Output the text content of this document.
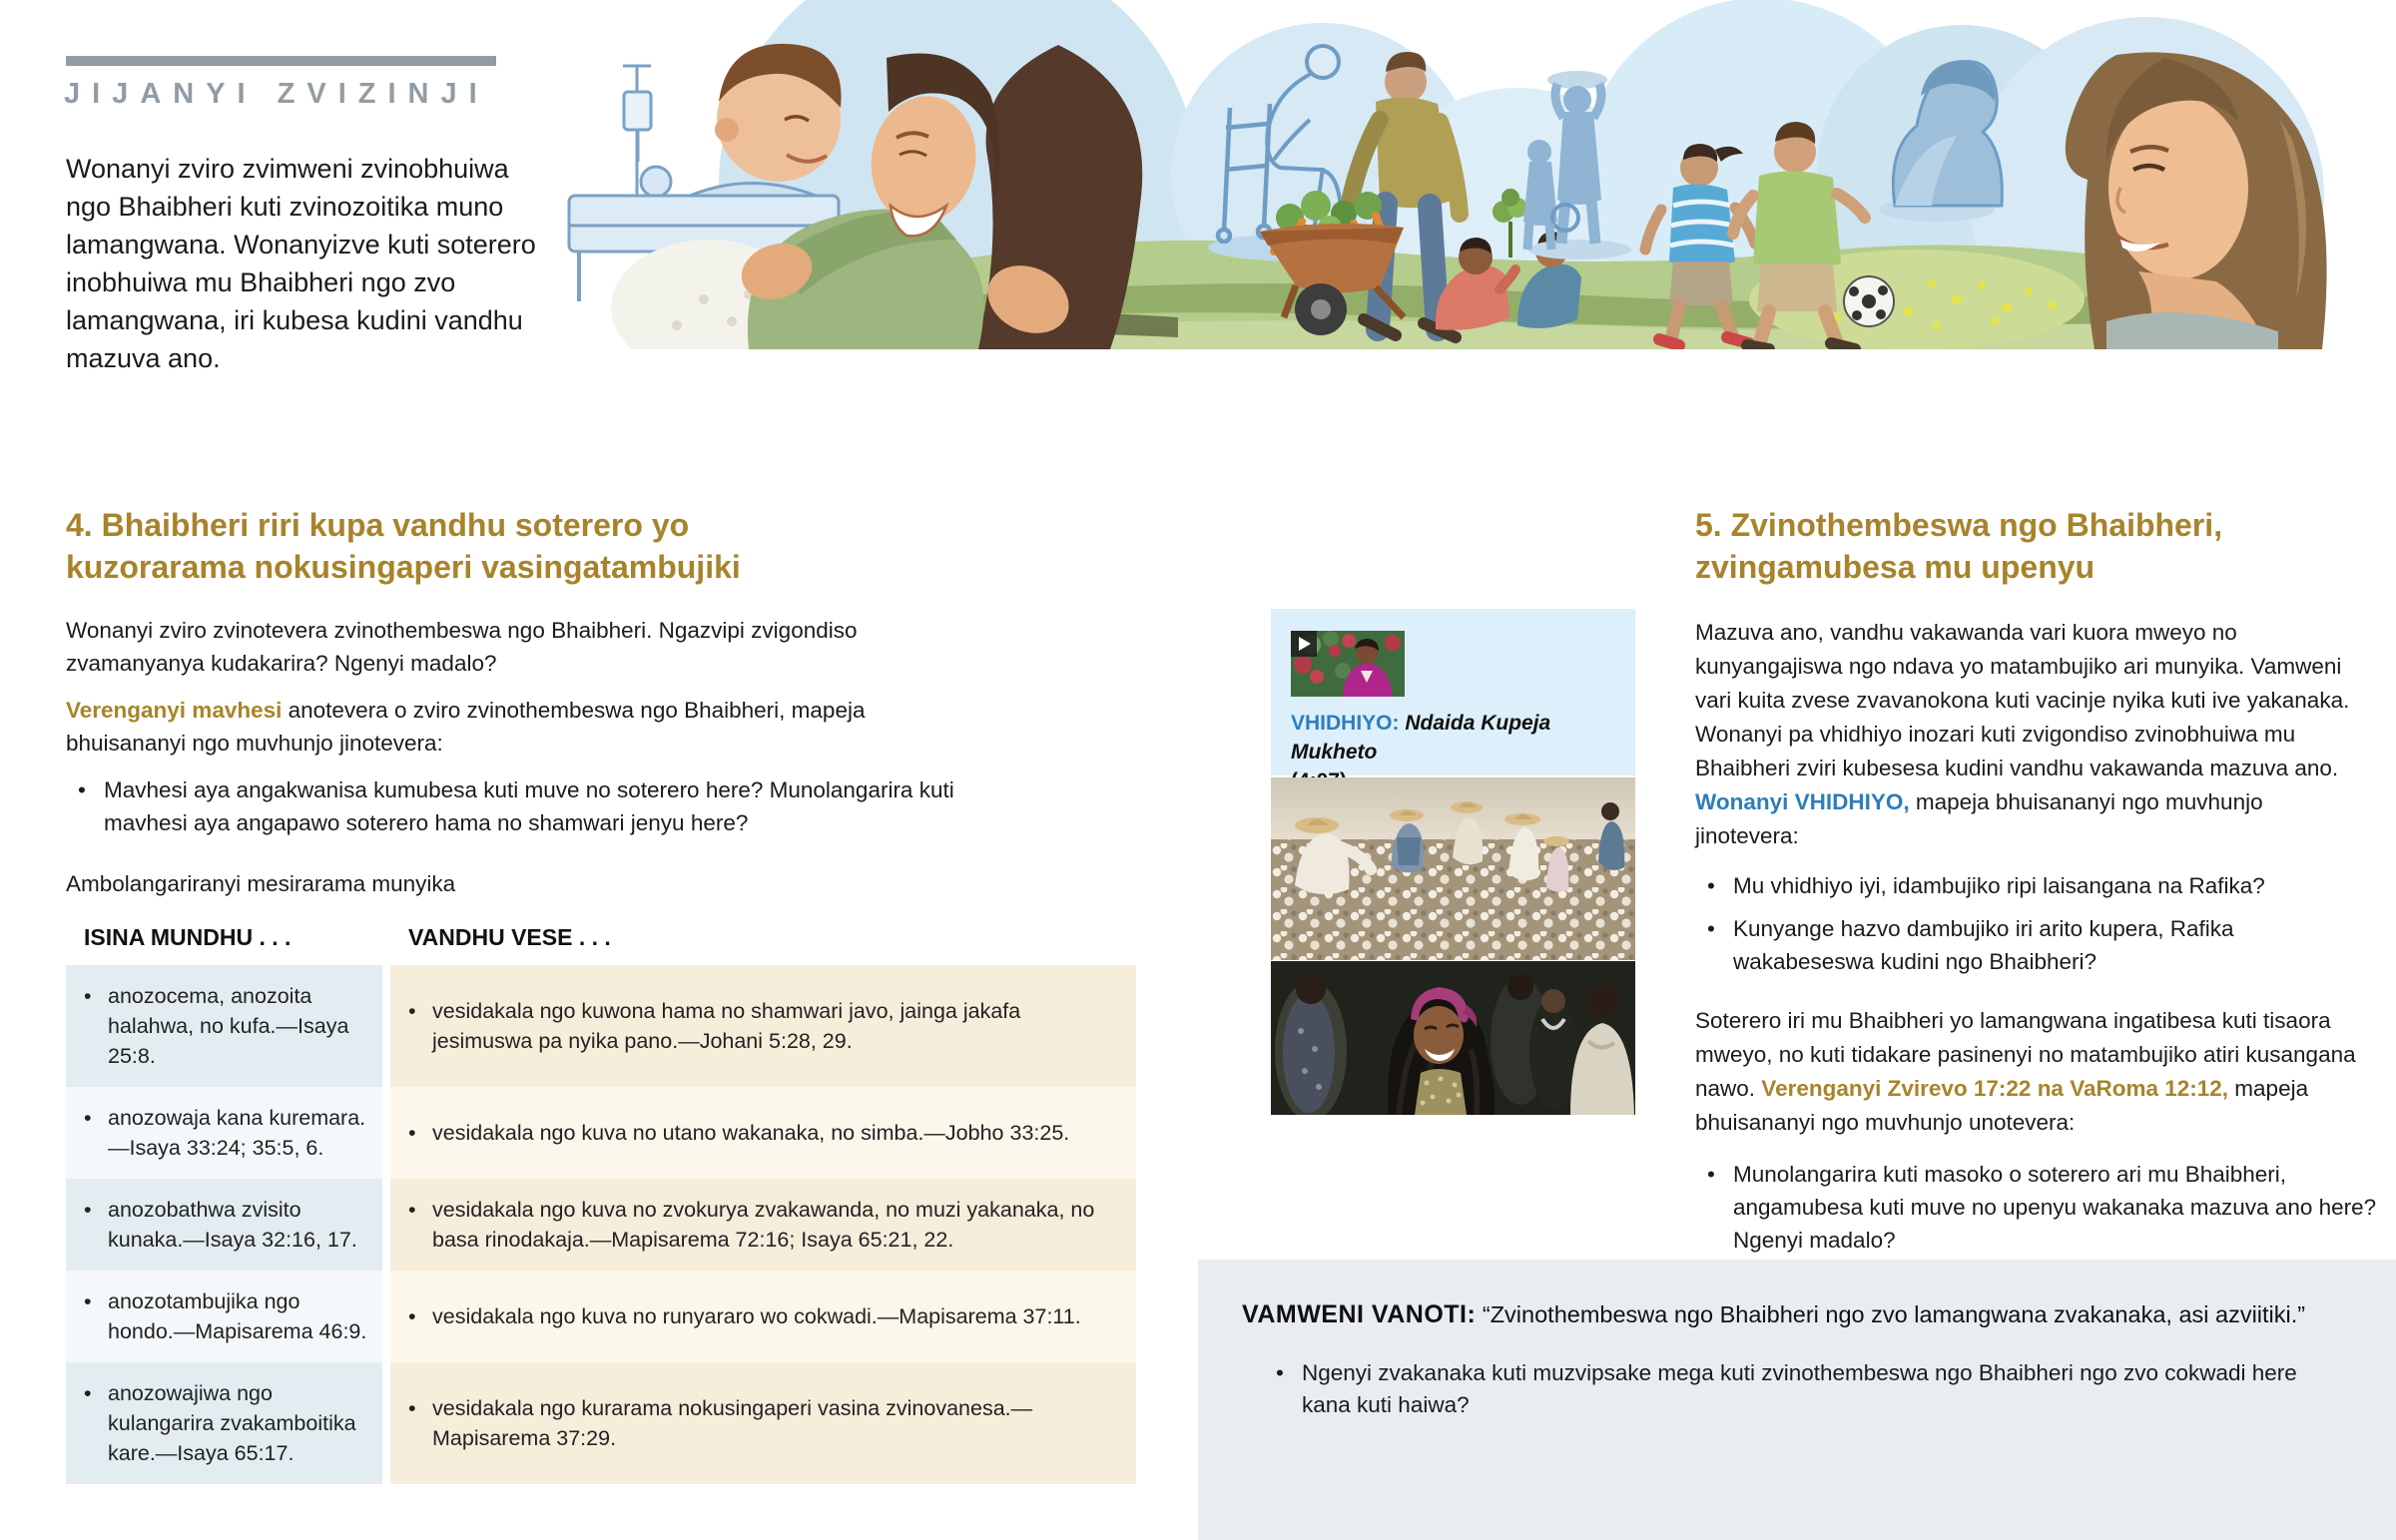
JIJANYI ZVIZINJI
Wonanyi zviro zvimweni zvinobhuiwa ngo Bhaibheri kuti zvinozoitika muno lamangwana. Wonanyizve kuti soterero inobhuiwa mu Bhaibheri ngo zvo lamangwana, iri kubesa kudini vandhu mazuva ano.
4. Bhaibheri riri kupa vandhu soterero yo kuzorarama nokusingaperi vasingatambujiki
Wonanyi zviro zvinotevera zvinothembeswa ngo Bhaibheri. Ngazvipi zvigondiso zvamanyanya kudakarira? Ngenyi madalo?
Verenganyi mavhesi anotevera o zviro zvinothembeswa ngo Bhaibheri, mapeja bhuisananyi ngo muvhunjo jinotevera:
• Mavhesi aya angakwanisa kumubesa kuti muve no soterero here? Munolangarira kuti mavhesi aya angapawo soterero hama no shamwari jenyu here?
Ambolangariranyi mesirarama munyika
ISINA MUNDHU . . .	VANDHU VESE . . .
• anozocema, anozoita halahwa, no kufa.—Isaya 25:8.
• vesidakala ngo kuwona hama no shamwari javo, jainga jakafa jesimuswa pa nyika pano.—Johani 5:28, 29.
• anozowaja kana kuremara.—Isaya 33:24; 35:5, 6.
• vesidakala ngo kuva no utano wakanaka, no simba.—Jobho 33:25.
• anozobathwa zvisito kunaka.—Isaya 32:16, 17.
• vesidakala ngo kuva no zvokurya zvakawanda, no muzi yakanaka, no basa rinodakaja.—Mapisarema 72:16; Isaya 65:21, 22.
• anozotambujika ngo hondo.—Mapisarema 46:9.
• vesidakala ngo kuva no runyararo wo cokwadi.—Mapisarema 37:11.
• anozowajiwa ngo kulangarira zvakamboitika kare.—Isaya 65:17.
• vesidakala ngo kurarama nokusingaperi vasina zvinovanesa.—Mapisarema 37:29.
VHIDHIYO: Ndaida Kupeja Mukheto
5. Zvinothembeswa ngo Bhaibheri, zvingamubesa mu upenyu
Mazuva ano, vandhu vakawanda vari kuora mweyo no kunyangajiswa ngo ndava yo matambujiko ari munyika. Vamweni vari kuita zvese zvavanokona kuti vacinje nyika kuti ive yakanaka. Wonanyi pa vhidhiyo inozari kuti zvigondiso zvinobhuiwa mu Bhaibheri zviri kubesesa kudini vandhu vakawanda mazuva ano. Wonanyi VHIDHIYO, mapeja bhuisananyi ngo muvhunjo jinotevera:
• Mu vhidhiyo iyi, idambujiko ripi laisangana na Rafika?
• Kunyange hazvo dambujiko iri arito kupera, Rafika wakabeseswa kudini ngo Bhaibheri?
Soterero iri mu Bhaibheri yo lamangwana ingatibesa kuti tisaora mweyo, no kuti tidakare pasinenyi no matambujiko atiri kusangana nawo. Verenganyi Zvirevo 17:22 na VaRoma 12:12, mapeja bhuisananyi ngo muvhunjo unotevera:
• Munolangarira kuti masoko o soterero ari mu Bhaibheri, angamubesa kuti muve no upenyu wakanaka mazuva ano here? Ngenyi madalo?
VAMWENI VANOTI: “Zvinothembeswa ngo Bhaibheri ngo zvo lamangwana zvakanaka, asi azviitiki.”
• Ngenyi zvakanaka kuti muzvipsake mega kuti zvinothembeswa ngo Bhaibheri ngo zvo cokwadi here kana kuti haiwa?
